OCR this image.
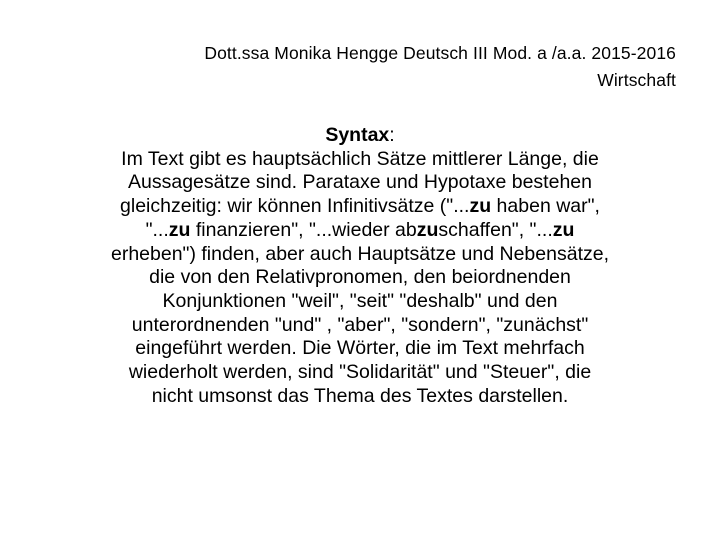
Dott.ssa Monika Hengge Deutsch III Mod. a /a.a. 2015-2016
Wirtschaft
Syntax:
Im Text gibt es hauptsächlich Sätze mittlerer Länge, die
Aussagesätze sind. Parataxe und Hypotaxe bestehen
gleichzeitig: wir können Infinitivsätze ("...zu haben war",
"...zu finanzieren", "...wieder abzuschaffen", "...zu
erheben") finden, aber auch Hauptsätze und Nebensätze,
die von den Relativpronomen, den beiordnenden
Konjunktionen "weil", "seit" "deshalb" und den
unterordnenden "und" , "aber", "sondern", "zunächst"
eingeführt werden. Die Wörter, die im Text mehrfach
wiederholt werden, sind "Solidarität" und "Steuer", die
nicht umsonst das Thema des Textes darstellen.
